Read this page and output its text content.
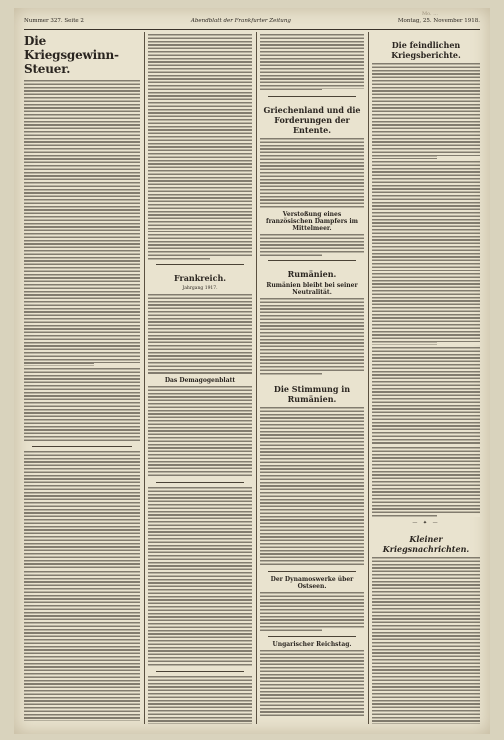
Nummer 327. Seite 2	Abendblatt der Frankfurter Zeitung	Montag, 25. November 1918.
Mo. ...
Die Kriegsgewinn-Steuer.
Frankreich.
Jahrgang 1917.
Das Demagogenblatt
Griechenland und die Forderungen der Entente.
Verstoßung eines französischen Dampfers im Mittelmeer.
Rumänien.
Rumänien bleibt bei seiner Neutralität.
Die Stimmung in Rumänien.
Der Dynamoswerke über Ostseen.
Ungarischer Reichstag.
Die feindlichen Kriegsberichte.
— ✦ —
Kleiner Kriegsnachrichten.
